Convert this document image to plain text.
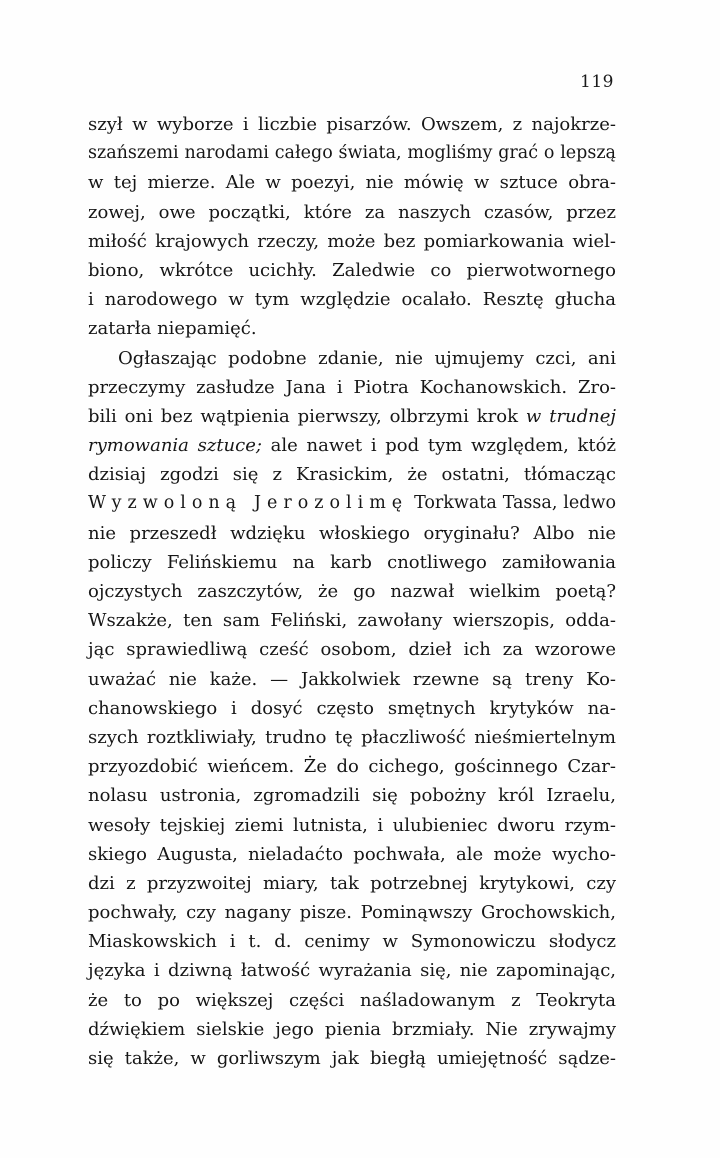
119
szył w wyborze i liczbie pisarzów. Owszem, z najokrze-
szańszemi narodami całego świata, mogliśmy grać o lepszą
w tej mierze. Ale w poezyi, nie mówię w sztuce obra-
zowej, owe początki, które za naszych czasów, przez
miłość krajowych rzeczy, może bez pomiarkowania wiel-
biono, wkrótce ucichły. Zaledwie co pierwotwornego
i narodowego w tym względzie ocalało. Resztę głucha
zatarła niepamięć.
Ogłaszając podobne zdanie, nie ujmujemy czci, ani
przeczymy zasłudze Jana i Piotra Kochanowskich. Zro-
bili oni bez wątpienia pierwszy, olbrzymi krok w trudnej
rymowania sztuce; ale nawet i pod tym względem, któż
dzisiaj zgodzi się z Krasickim, że ostatni, tłómacząc
Wyzwoloną Jerozolimę Torkwata Tassa, ledwo
nie przeszedł wdzięku włoskiego oryginału? Albo nie
policzy Felińskiemu na karb cnotliwego zamiłowania
ojczystych zaszczytów, że go nazwał wielkim poetą?
Wszakże, ten sam Feliński, zawołany wierszopis, odda-
jąc sprawiedliwą cześć osobom, dzieł ich za wzorowe
uważać nie każe. — Jakkolwiek rzewne są treny Ko-
chanowskiego i dosyć często smętnych krytyków na-
szych roztkliwiały, trudno tę płaczliwość nieśmiertelnym
przyozdobić wieńcem. Że do cichego, gościnnego Czar-
nolasu ustronia, zgromadzili się pobożny król Izraelu,
wesoły tejskiej ziemi lutnista, i ulubieniec dworu rzym-
skiego Augusta, nieladaćto pochwała, ale może wycho-
dzi z przyzwoitej miary, tak potrzebnej krytykowi, czy
pochwały, czy nagany pisze. Pominąwszy Grochowskich,
Miaskowskich i t. d. cenimy w Symonowiczu słodycz
języka i dziwną łatwość wyrażania się, nie zapominając,
że to po większej części naśladowanym z Teokryta
dźwiękiem sielskie jego pienia brzmiały. Nie zrywajmy
się także, w gorliwszym jak biegłą umiejętność sądze-
